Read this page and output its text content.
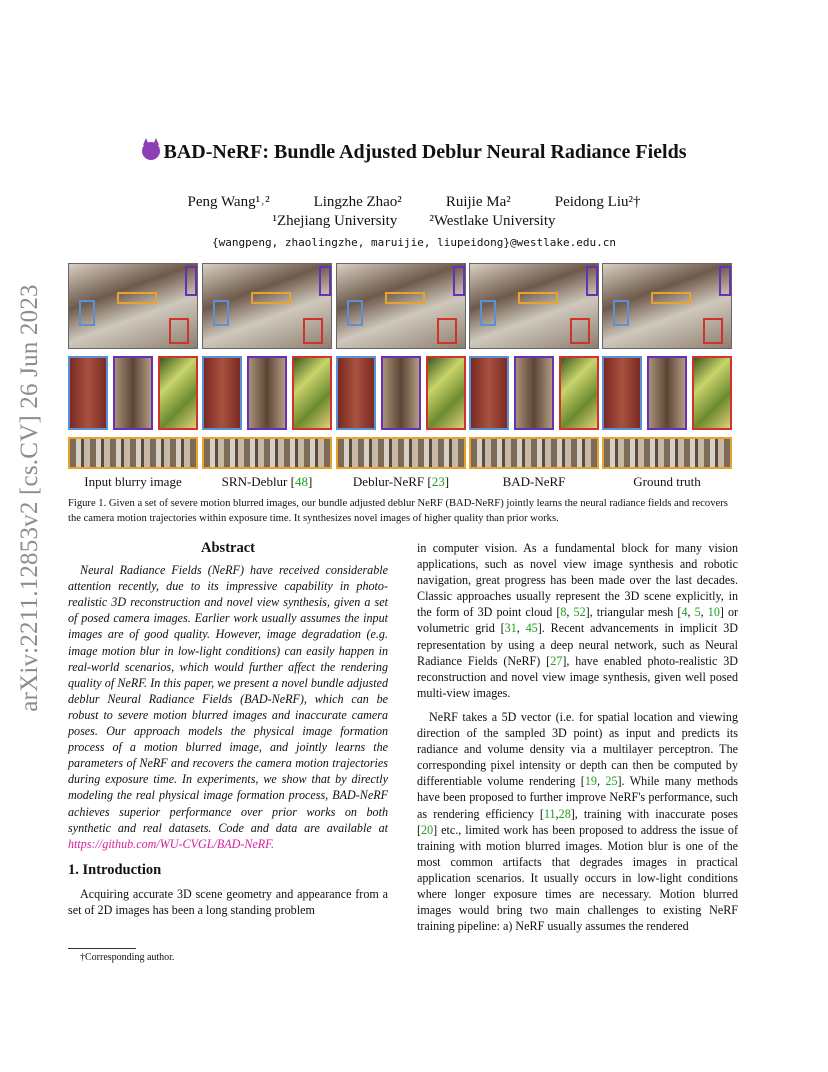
arXiv:2211.12853v2 [cs.CV] 26 Jun 2023
BAD-NeRF: Bundle Adjusted Deblur Neural Radiance Fields
Peng Wang¹˒²	Lingzhe Zhao²	Ruijie Ma²	Peidong Liu²†
¹Zhejiang University ²Westlake University
{wangpeng, zhaolingzhe, maruijie, liupeidong}@westlake.edu.cn
Input blurry image	SRN-Deblur [48]	Deblur-NeRF [23]	BAD-NeRF	Ground truth
Figure 1. Given a set of severe motion blurred images, our bundle adjusted deblur NeRF (BAD-NeRF) jointly learns the neural radiance fields and recovers the camera motion trajectories within exposure time. It synthesizes novel images of higher quality than prior works.
Abstract

Neural Radiance Fields (NeRF) have received considerable attention recently, due to its impressive capability in photo-realistic 3D reconstruction and novel view synthesis, given a set of posed camera images. Earlier work usually assumes the input images are of good quality. However, image degradation (e.g. image motion blur in low-light conditions) can easily happen in real-world scenarios, which would further affect the rendering quality of NeRF. In this paper, we present a novel bundle adjusted deblur Neural Radiance Fields (BAD-NeRF), which can be robust to severe motion blurred images and inaccurate camera poses. Our approach models the physical image formation process of a motion blurred image, and jointly learns the parameters of NeRF and recovers the camera motion trajectories during exposure time. In experiments, we show that by directly modeling the real physical image formation process, BAD-NeRF achieves superior performance over prior works on both synthetic and real datasets. Code and data are available at https://github.com/WU-CVGL/BAD-NeRF.

1. Introduction

Acquiring accurate 3D scene geometry and appearance from a set of 2D images has been a long standing problem

in computer vision. As a fundamental block for many vision applications, such as novel view image synthesis and robotic navigation, great progress has been made over the last decades. Classic approaches usually represent the 3D scene explicitly, in the form of 3D point cloud [8, 52], triangular mesh [4, 5, 10] or volumetric grid [31, 45]. Recent advancements in implicit 3D representation by using a deep neural network, such as Neural Radiance Fields (NeRF) [27], have enabled photo-realistic 3D reconstruction and novel view image synthesis, given well posed multi-view images.

NeRF takes a 5D vector (i.e. for spatial location and viewing direction of the sampled 3D point) as input and predicts its radiance and volume density via a multilayer perceptron. The corresponding pixel intensity or depth can then be computed by differentiable volume rendering [19, 25]. While many methods have been proposed to further improve NeRF's performance, such as rendering efficiency [11,28], training with inaccurate poses [20] etc., limited work has been proposed to address the issue of training with motion blurred images. Motion blur is one of the most common artifacts that degrades images in practical application scenarios. It usually occurs in low-light conditions where longer exposure times are necessary. Motion blurred images would bring two main challenges to existing NeRF training pipeline: a) NeRF usually assumes the rendered

†Corresponding author.
